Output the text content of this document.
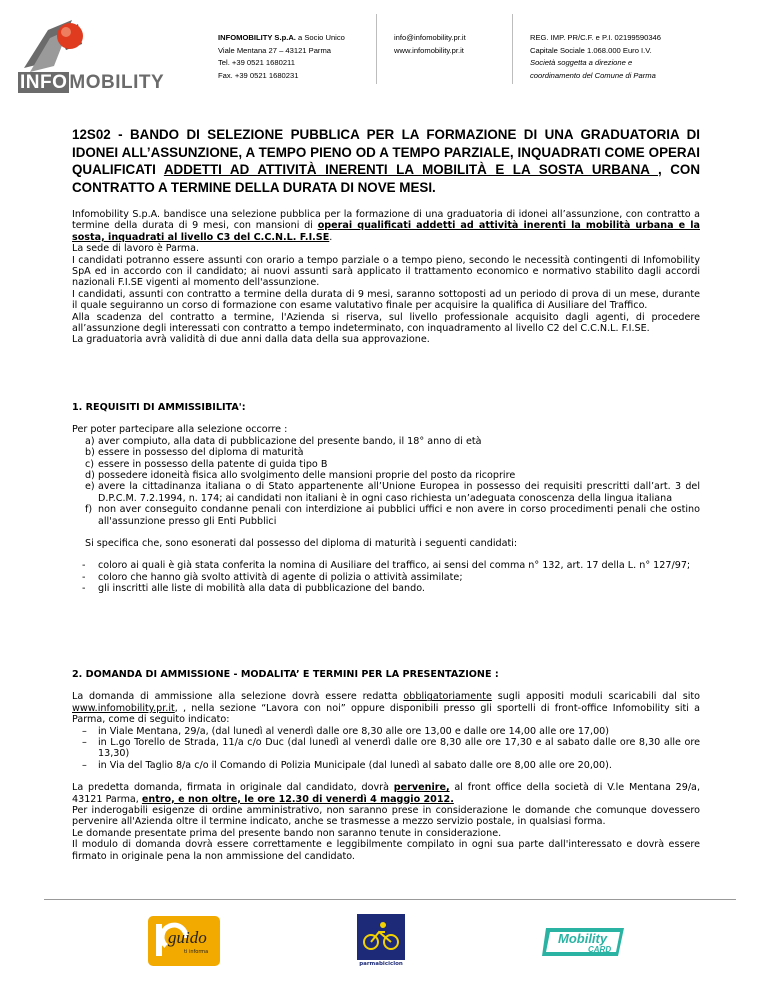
INFO MOBILITY
INFOMOBILITY S.p.A. a Socio Unico
Viale Mentana 27 – 43121 Parma
Tel. +39 0521 1680211
Fax. +39 0521 1680231
info@infomobility.pr.it
www.infomobility.pr.it
REG. IMP. PR/C.F. e P.I. 02199590346
Capitale Sociale 1.068.000 Euro I.V.
Società soggetta a direzione e
coordinamento del Comune di Parma
12S02 - BANDO DI SELEZIONE PUBBLICA PER LA FORMAZIONE DI UNA GRADUATORIA DI IDONEI ALL’ASSUNZIONE, A TEMPO PIENO OD A TEMPO PARZIALE, INQUADRATI COME OPERAI QUALIFICATI ADDETTI AD ATTIVITÀ INERENTI LA MOBILITÀ E LA SOSTA URBANA , CON CONTRATTO A TERMINE DELLA DURATA DI NOVE MESI.

Infomobility S.p.A. bandisce una selezione pubblica per la formazione di una graduatoria di idonei all’assunzione, con contratto a termine della durata di 9 mesi, con mansioni di operai qualificati addetti ad attività inerenti la mobilità urbana e la sosta, inquadrati al livello C3 del C.C.N.L. F.I.SE.

La sede di lavoro è Parma.

I candidati potranno essere assunti con orario a tempo parziale o a tempo pieno, secondo le necessità contingenti di Infomobility SpA ed in accordo con il candidato; ai nuovi assunti sarà applicato il trattamento economico e normativo stabilito dagli accordi nazionali F.I.SE vigenti al momento dell'assunzione.

I candidati, assunti con contratto a termine della durata di 9 mesi, saranno sottoposti ad un periodo di prova di un mese, durante il quale seguiranno un corso di formazione con esame valutativo finale per acquisire la qualifica di Ausiliare del Traffico.

Alla scadenza del contratto a termine, l'Azienda si riserva, sul livello professionale acquisito dagli agenti, di procedere all’assunzione degli interessati con contratto a tempo indeterminato, con inquadramento al livello C2 del C.C.N.L. F.I.SE.

La graduatoria avrà validità di due anni dalla data della sua approvazione.

1. REQUISITI DI AMMISSIBILITA':

Per poter partecipare alla selezione occorre :

a) aver compiuto, alla data di pubblicazione del presente bando, il 18° anno di età
b) essere in possesso del diploma di maturità
c) essere in possesso della patente di guida tipo B
d) possedere idoneità fisica allo svolgimento delle mansioni proprie del posto da ricoprire
e) avere la cittadinanza italiana o di Stato appartenente all’Unione Europea in possesso dei requisiti prescritti dall’art. 3 del D.P.C.M. 7.2.1994, n. 174; ai candidati non italiani è in ogni caso richiesta un’adeguata conoscenza della lingua italiana
f) non aver conseguito condanne penali con interdizione ai pubblici uffici e non avere in corso procedimenti penali che ostino all'assunzione presso gli Enti Pubblici

Si specifica che, sono esonerati dal possesso del diploma di maturità i seguenti candidati:

- coloro ai quali è già stata conferita la nomina di Ausiliare del traffico, ai sensi del comma n° 132, art. 17 della L. n° 127/97;
- coloro che hanno già svolto attività di agente di polizia o attività assimilate;
- gli inscritti alle liste di mobilità alla data di pubblicazione del bando.

2. DOMANDA DI AMMISSIONE - MODALITA’ E TERMINI PER LA PRESENTAZIONE :

La domanda di ammissione alla selezione dovrà essere redatta obbligatoriamente sugli appositi moduli scaricabili dal sito www.infomobility.pr.it, , nella sezione “Lavora con noi” oppure disponibili presso gli sportelli di front-office Infomobility siti a Parma, come di seguito indicato:

– in Viale Mentana, 29/a, (dal lunedì al venerdì dalle ore 8,30 alle ore 13,00 e dalle ore 14,00 alle ore 17,00)
– in L.go Torello de Strada, 11/a c/o Duc (dal lunedì al venerdì dalle ore 8,30 alle ore 17,30 e al sabato dalle ore 8,30 alle ore 13,30)
– in Via del Taglio 8/a c/o il Comando di Polizia Municipale (dal lunedì al sabato dalle ore 8,00 alle ore 20,00).

La predetta domanda, firmata in originale dal candidato, dovrà pervenire, al front office della società di V.le Mentana 29/a, 43121 Parma, entro, e non oltre, le ore 12.30 di venerdì 4 maggio 2012.

Per inderogabili esigenze di ordine amministrativo, non saranno prese in considerazione le domande che comunque dovessero pervenire all'Azienda oltre il termine indicato, anche se trasmesse a mezzo servizio postale, in qualsiasi forma.

Le domande presentate prima del presente bando non saranno tenute in considerazione.

Il modulo di domanda dovrà essere correttamente e leggibilmente compilato in ogni sua parte dall'interessato e dovrà essere firmato in originale pena la non ammissione del candidato.

guido
ti informa
parmabiciclon
Mobility
CARD
